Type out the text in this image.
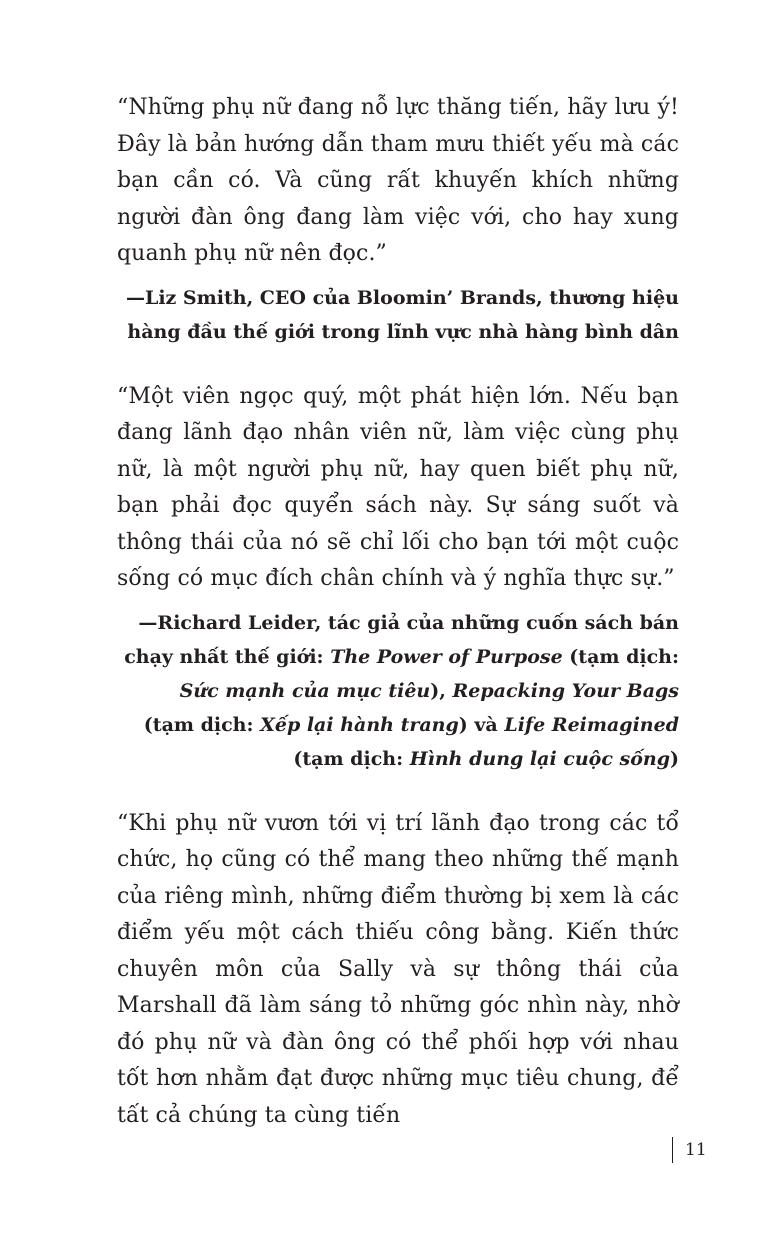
“Những phụ nữ đang nỗ lực thăng tiến, hãy lưu ý! Đây là bản hướng dẫn tham mưu thiết yếu mà các bạn cần có. Và cũng rất khuyến khích những người đàn ông đang làm việc với, cho hay xung quanh phụ nữ nên đọc.”

—Liz Smith, CEO của Bloomin’ Brands, thương hiệu
hàng đầu thế giới trong lĩnh vực nhà hàng bình dân

“Một viên ngọc quý, một phát hiện lớn. Nếu bạn đang lãnh đạo nhân viên nữ, làm việc cùng phụ nữ, là một người phụ nữ, hay quen biết phụ nữ, bạn phải đọc quyển sách này. Sự sáng suốt và thông thái của nó sẽ chỉ lối cho bạn tới một cuộc sống có mục đích chân chính và ý nghĩa thực sự.”

—Richard Leider, tác giả của những cuốn sách bán
chạy nhất thế giới: The Power of Purpose (tạm dịch:
Sức mạnh của mục tiêu), Repacking Your Bags
(tạm dịch: Xếp lại hành trang) và Life Reimagined
(tạm dịch: Hình dung lại cuộc sống)

“Khi phụ nữ vươn tới vị trí lãnh đạo trong các tổ chức, họ cũng có thể mang theo những thế mạnh của riêng mình, những điểm thường bị xem là các điểm yếu một cách thiếu công bằng. Kiến thức chuyên môn của Sally và sự thông thái của Marshall đã làm sáng tỏ những góc nhìn này, nhờ đó phụ nữ và đàn ông có thể phối hợp với nhau tốt hơn nhằm đạt được những mục tiêu chung, để tất cả chúng ta cùng tiến

11
